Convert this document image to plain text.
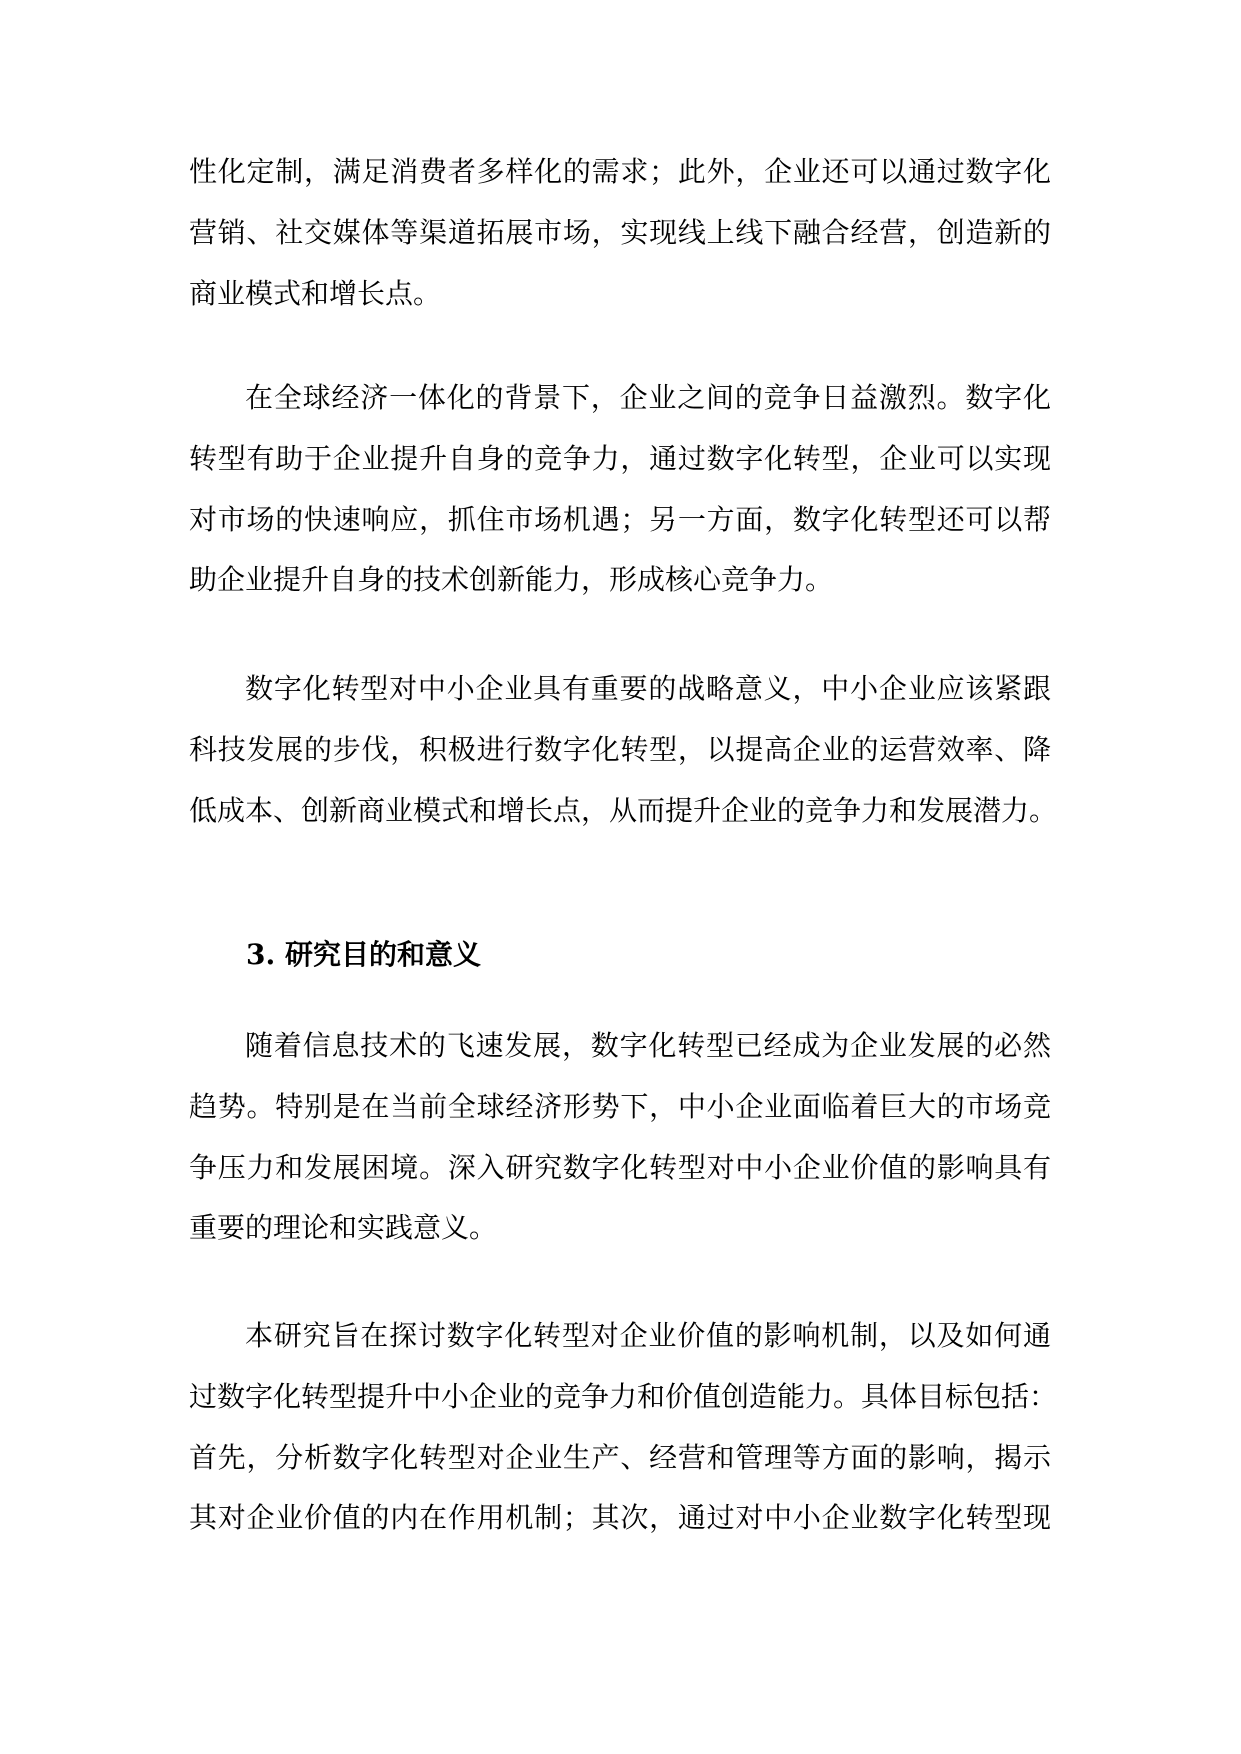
性化定制，满足消费者多样化的需求；此外，企业还可以通过数字化
营销、社交媒体等渠道拓展市场，实现线上线下融合经营，创造新的
商业模式和增长点。
在全球经济一体化的背景下，企业之间的竞争日益激烈。数字化
转型有助于企业提升自身的竞争力，通过数字化转型，企业可以实现
对市场的快速响应，抓住市场机遇；另一方面，数字化转型还可以帮
助企业提升自身的技术创新能力，形成核心竞争力。
数字化转型对中小企业具有重要的战略意义，中小企业应该紧跟
科技发展的步伐，积极进行数字化转型，以提高企业的运营效率、降
低成本、创新商业模式和增长点，从而提升企业的竞争力和发展潜力。
3. 研究目的和意义
随着信息技术的飞速发展，数字化转型已经成为企业发展的必然
趋势。特别是在当前全球经济形势下，中小企业面临着巨大的市场竞
争压力和发展困境。深入研究数字化转型对中小企业价值的影响具有
重要的理论和实践意义。
本研究旨在探讨数字化转型对企业价值的影响机制，以及如何通
过数字化转型提升中小企业的竞争力和价值创造能力。具体目标包括：
首先，分析数字化转型对企业生产、经营和管理等方面的影响，揭示
其对企业价值的内在作用机制；其次，通过对中小企业数字化转型现
